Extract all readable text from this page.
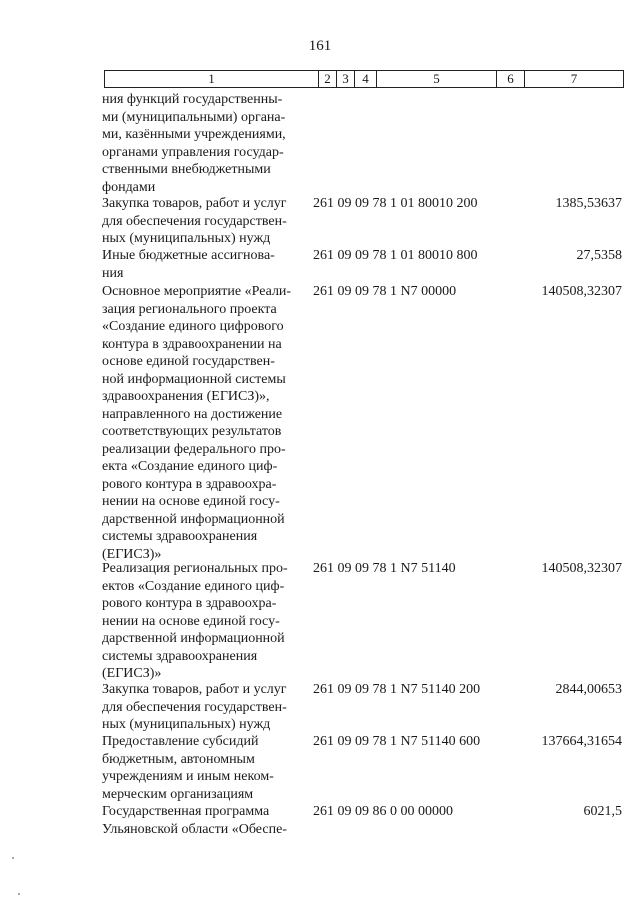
161
1	2 3	4	5	6	7
ния функций государственны-
ми (муниципальными) органа-
ми, казёнными учреждениями,
органами управления государ-
ственными внебюджетными
фондами
Закупка товаров, работ и услуг
для обеспечения государствен-
ных (муниципальных) нужд
261 09 09 78 1 01 80010 200	1385,53637
Иные бюджетные ассигнова-
ния
261 09 09 78 1 01 80010 800	27,5358
Основное мероприятие «Реали-
зация регионального проекта
«Создание единого цифрового
контура в здравоохранении на
основе единой государствен-
ной информационной системы
здравоохранения (ЕГИСЗ)»,
направленного на достижение
соответствующих результатов
реализации федерального про-
екта «Создание единого циф-
рового контура в здравоохра-
нении на основе единой госу-
дарственной информационной
системы здравоохранения
(ЕГИСЗ)»
261 09 09 78 1 N7 00000	140508,32307
Реализация региональных про-
ектов «Создание единого циф-
рового контура в здравоохра-
нении на основе единой госу-
дарственной информационной
системы здравоохранения
(ЕГИСЗ)»
261 09 09 78 1 N7 51140	140508,32307
Закупка товаров, работ и услуг
для обеспечения государствен-
ных (муниципальных) нужд
261 09 09 78 1 N7 51140 200	2844,00653
Предоставление субсидий
бюджетным, автономным
учреждениям и иным неком-
мерческим организациям
261 09 09 78 1 N7 51140 600	137664,31654
Государственная программа
Ульяновской области «Обеспе-
261 09 09 86 0 00 00000	6021,5
